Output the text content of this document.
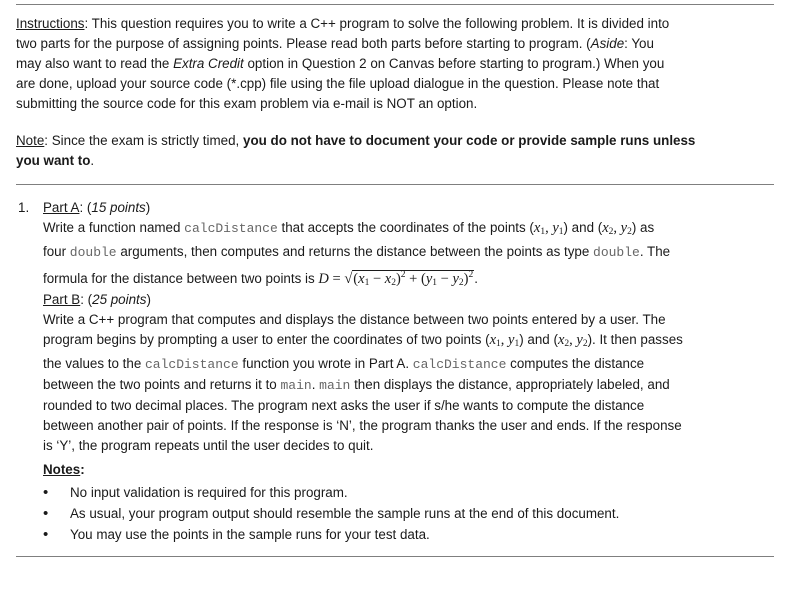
Instructions: This question requires you to write a C++ program to solve the following problem. It is divided into
two parts for the purpose of assigning points. Please read both parts before starting to program. (Aside: You
may also want to read the Extra Credit option in Question 2 on Canvas before starting to program.) When you
are done, upload your source code (*.cpp) file using the file upload dialogue in the question. Please note that
submitting the source code for this exam problem via e-mail is NOT an option.
Note: Since the exam is strictly timed, you do not have to document your code or provide sample runs unless
you want to.
1. Part A: (15 points)
Write a function named calcDistance that accepts the coordinates of the points ($x_1$, $y_1$) and ($x_2$, $y_2$) as
four double arguments, then computes and returns the distance between the points as type double. The
formula for the distance between two points is $D = √(x_1 - x_2)^2 + (y_1 - y_2)^2$.
Part B: (25 points)
Write a C++ program that computes and displays the distance between two points entered by a user. The
program begins by prompting a user to enter the coordinates of two points ($x_1$, $y_1$) and ($x_2$, $y_2$). It then passes
the values to the calcDistance function you wrote in Part A. calcDistance computes the distance
between the two points and returns it to main. main then displays the distance, appropriately labeled, and
rounded to two decimal places. The program next asks the user if s/he wants to compute the distance
between another pair of points. If the response is ‘N’, the program thanks the user and ends. If the response
is ‘Y’, the program repeats until the user decides to quit.
Notes:
• No input validation is required for this program.
• As usual, your program output should resemble the sample runs at the end of this document.
• You may use the points in the sample runs for your test data.
